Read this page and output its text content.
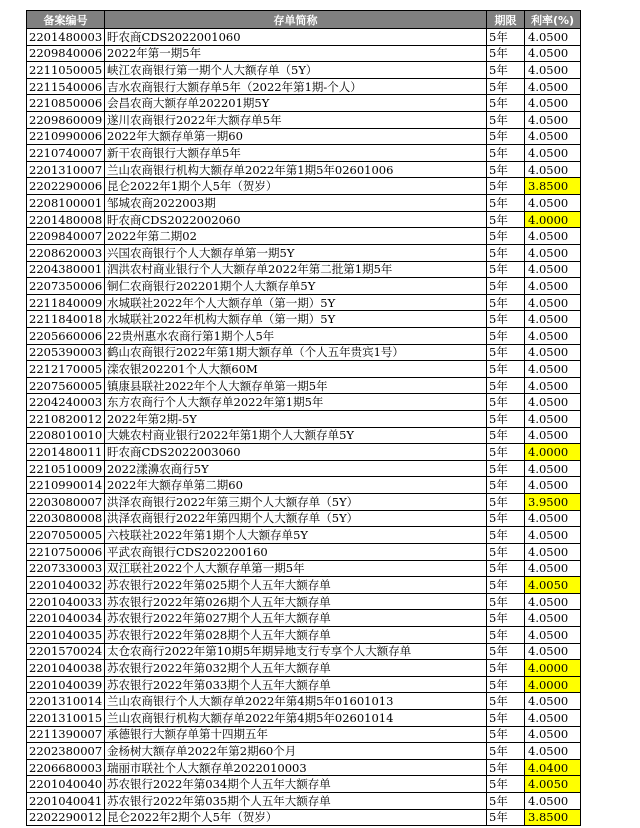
备案编号	存单简称	期限	利率(%)
2201480003	盱农商CDS2022001060	5年	4.0500
2209840006	2022年第一期5年	5年	4.0500
2211050005	峡江农商银行第一期个人大额存单（5Y）	5年	4.0500
2211540006	吉水农商银行大额存单5年（2022年第1期-个人）	5年	4.0500
2210850006	会昌农商大额存单202201期5Y	5年	4.0500
2209860009	遂川农商银行2022年大额存单5年	5年	4.0500
2210990006	2022年大额存单第一期60	5年	4.0500
2210740007	新干农商银行大额存单5年	5年	4.0500
2201310007	兰山农商银行机构大额存单2022年第1期5年02601006	5年	4.0500
2202290006	昆仑2022年1期个人5年（贺岁）	5年	3.8500
2208100001	邹城农商2022003期	5年	4.0500
2201480008	盱农商CDS2022002060	5年	4.0000
2209840007	2022年第二期02	5年	4.0500
2208620003	兴国农商银行个人大额存单第一期5Y	5年	4.0500
2204380001	泗洪农村商业银行个人大额存单2022年第二批第1期5年	5年	4.0500
2207350006	铜仁农商银行202201期个人大额存单5Y	5年	4.0500
2211840009	水城联社2022年个人大额存单（第一期）5Y	5年	4.0500
2211840018	水城联社2022年机构大额存单（第一期）5Y	5年	4.0500
2205660006	22贵州惠水农商行第1期个人5年	5年	4.0500
2205390003	鹤山农商银行2022年第1期大额存单（个人五年贵宾1号）	5年	4.0500
2212170005	滦农银202201个人大额60M	5年	4.0500
2207560005	镇康县联社2022年个人大额存单第一期5年	5年	4.0500
2204240003	东方农商行个人大额存单2022年第1期5年	5年	4.0500
2210820012	2022年第2期-5Y	5年	4.0500
2208010010	大姚农村商业银行2022年第1期个人大额存单5Y	5年	4.0500
2201480011	盱农商CDS2022003060	5年	4.0000
2210510009	2022漾濞农商行5Y	5年	4.0500
2210990014	2022年大额存单第二期60	5年	4.0500
2203080007	洪泽农商银行2022年第三期个人大额存单（5Y）	5年	3.9500
2203080008	洪泽农商银行2022年第四期个人大额存单（5Y）	5年	4.0500
2207050005	六枝联社2022年第1期个人大额存单5Y	5年	4.0500
2210750006	平武农商银行CDS202200160	5年	4.0500
2207330003	双江联社2022个人大额存单第一期5年	5年	4.0500
2201040032	苏农银行2022年第025期个人五年大额存单	5年	4.0050
2201040033	苏农银行2022年第026期个人五年大额存单	5年	4.0500
2201040034	苏农银行2022年第027期个人五年大额存单	5年	4.0500
2201040035	苏农银行2022年第028期个人五年大额存单	5年	4.0500
2201570024	太仓农商行2022年第10期5年期异地支行专享个人大额存单	5年	4.0500
2201040038	苏农银行2022年第032期个人五年大额存单	5年	4.0000
2201040039	苏农银行2022年第033期个人五年大额存单	5年	4.0000
2201310014	兰山农商银行个人大额存单2022年第4期5年01601013	5年	4.0500
2201310015	兰山农商银行机构大额存单2022年第4期5年02601014	5年	4.0500
2211390007	承德银行大额存单第十四期五年	5年	4.0500
2202380007	金杨树大额存单2022年第2期60个月	5年	4.0500
2206680003	瑞丽市联社个人大额存单2022010003	5年	4.0400
2201040040	苏农银行2022年第034期个人五年大额存单	5年	4.0050
2201040041	苏农银行2022年第035期个人五年大额存单	5年	4.0500
2202290012	昆仑2022年2期个人5年（贺岁）	5年	3.8500
